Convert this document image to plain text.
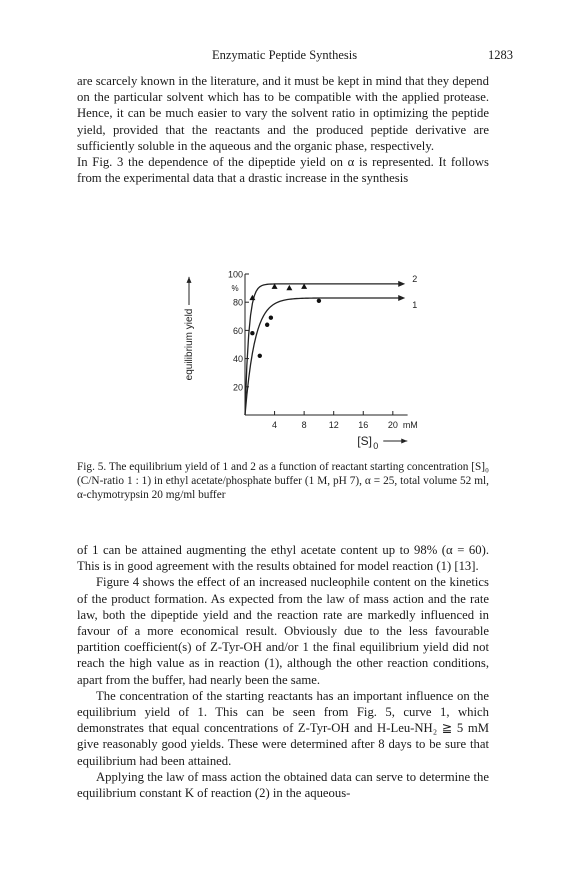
Enzymatic Peptide Synthesis	1283

are scarcely known in the literature, and it must be kept in mind that they depend on the particular solvent which has to be compatible with the applied protease. Hence, it can be much easier to vary the solvent ratio in optimizing the peptide yield, provided that the reactants and the produced peptide derivative are sufficiently soluble in the aqueous and the organic phase, respectively.

In Fig. 3 the dependence of the dipeptide yield on α is represented. It follows from the experimental data that a drastic increase in the synthesis

20
40
60
80
100
%
4	8 12 16 20 mM
[S] 0
equilibrium yield
2
1

Fig. 5. The equilibrium yield of 1 and 2 as a function of reactant starting concentration [S]₀ (C/N-ratio 1 : 1) in ethyl acetate/phosphate buffer (1 M, pH 7), α = 25, total volume 52 ml, α-chymotrypsin 20 mg/ml buffer

of 1 can be attained augmenting the ethyl acetate content up to 98% (α = 60). This is in good agreement with the results obtained for model reaction (1) [13].

Figure 4 shows the effect of an increased nucleophile content on the kinetics of the product formation. As expected from the law of mass action and the rate law, both the dipeptide yield and the reaction rate are markedly influenced in favour of a more economical result. Obviously due to the less favourable partition coefficient(s) of Z-Tyr-OH and/or 1 the final equilibrium yield did not reach the high value as in reaction (1), although the other reaction conditions, apart from the buffer, had nearly been the same.

The concentration of the starting reactants has an important influence on the equilibrium yield of 1. This can be seen from Fig. 5, curve 1, which demonstrates that equal concentrations of Z-Tyr-OH and H-Leu-NH₂ ≧ 5 mM give reasonably good yields. These were determined after 8 days to be sure that equilibrium had been attained.

Applying the law of mass action the obtained data can serve to determine the equilibrium constant K of reaction (2) in the aqueous-
